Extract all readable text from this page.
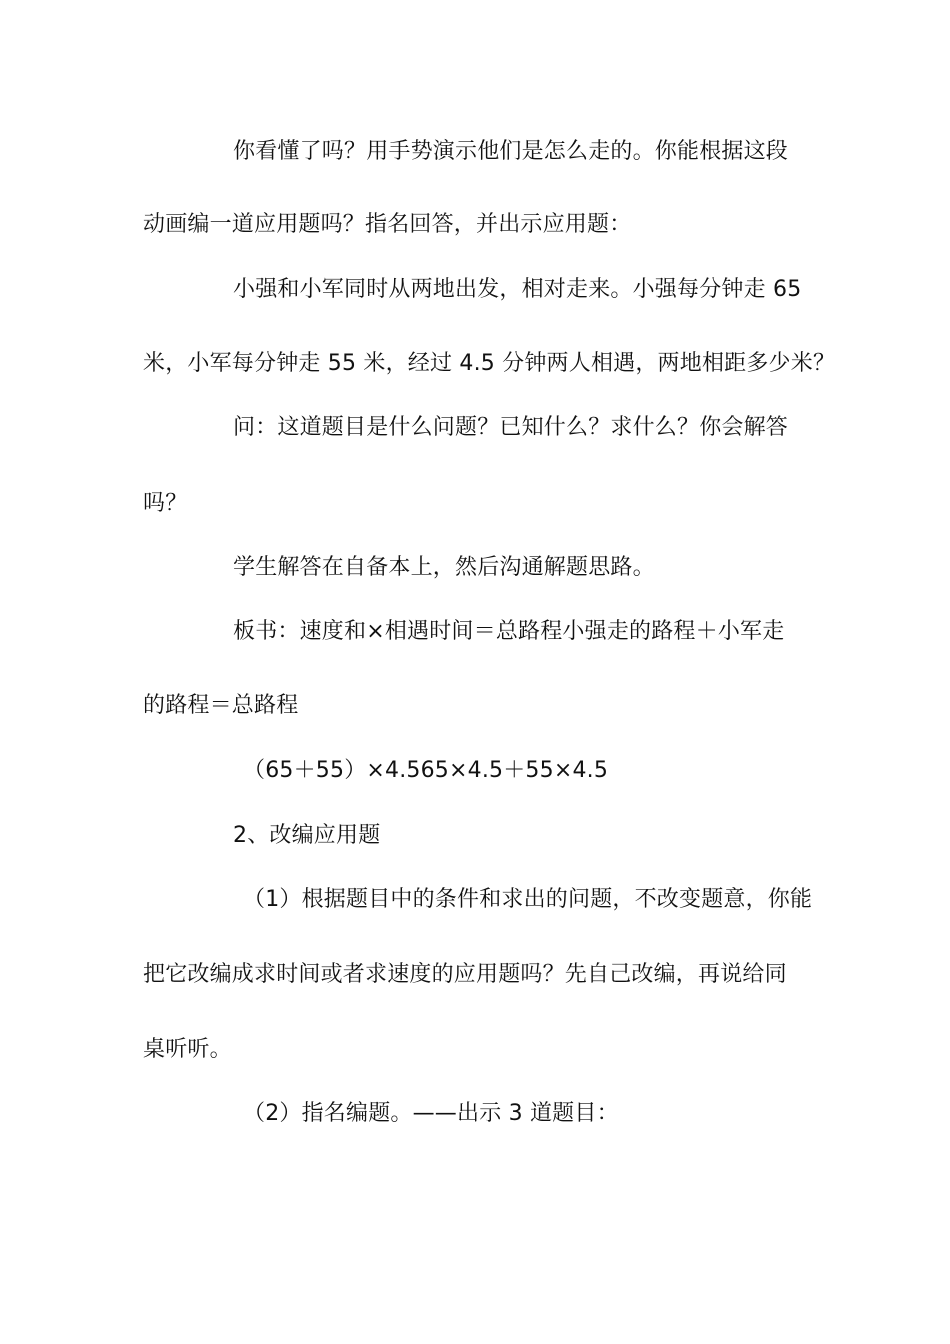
你看懂了吗？用手势演示他们是怎么走的。你能根据这段
动画编一道应用题吗？指名回答，并出示应用题：
小强和小军同时从两地出发，相对走来。小强每分钟走 65
米，小军每分钟走 55 米，经过 4.5 分钟两人相遇，两地相距多少米？
问：这道题目是什么问题？已知什么？求什么？你会解答
吗？
学生解答在自备本上，然后沟通解题思路。
板书：速度和×相遇时间＝总路程小强走的路程＋小军走
的路程＝总路程
（65＋55）×4.565×4.5＋55×4.5
2、改编应用题
（1）根据题目中的条件和求出的问题，不改变题意，你能
把它改编成求时间或者求速度的应用题吗？先自己改编，再说给同
桌听听。
（2）指名编题。——出示 3 道题目：
